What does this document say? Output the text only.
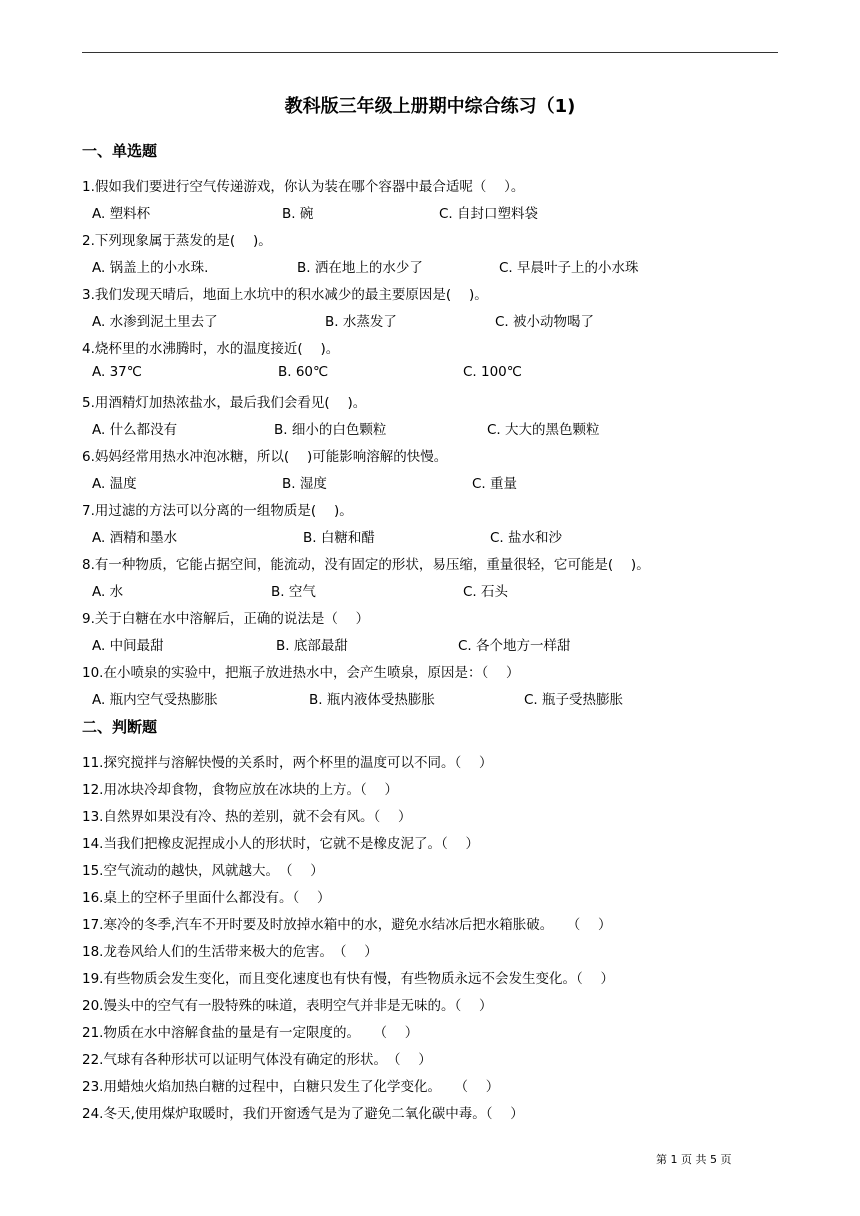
教科版三年级上册期中综合练习（1)
一、单选题
1.假如我们要进行空气传递游戏，你认为装在哪个容器中最合适呢（　 ）。
A. 塑料杯	B. 碗	C. 自封口塑料袋
2.下列现象属于蒸发的是(　 )。
A. 锅盖上的小水珠.	B. 洒在地上的水少了	C. 早晨叶子上的小水珠
3.我们发现天晴后，地面上水坑中的积水减少的最主要原因是(　 )。
A. 水渗到泥土里去了	B. 水蒸发了	C. 被小动物喝了
4.烧杯里的水沸腾时，水的温度接近(　 )。
A. 37℃	B. 60℃	C. 100℃
5.用酒精灯加热浓盐水，最后我们会看见(　 )。
A. 什么都没有	B. 细小的白色颗粒	C. 大大的黑色颗粒
6.妈妈经常用热水冲泡冰糖，所以(　 )可能影响溶解的快慢。
A. 温度	B. 湿度	C. 重量
7.用过滤的方法可以分离的一组物质是(　 )。
A. 酒精和墨水	B. 白糖和醋	C. 盐水和沙
8.有一种物质，它能占据空间，能流动，没有固定的形状，易压缩，重量很轻，它可能是(　 )。
A. 水	B. 空气	C. 石头
9.关于白糖在水中溶解后，正确的说法是（　 ）
A. 中间最甜	B. 底部最甜	C. 各个地方一样甜
10.在小喷泉的实验中，把瓶子放进热水中，会产生喷泉，原因是：（　 ）
A. 瓶内空气受热膨胀	B. 瓶内液体受热膨胀	C. 瓶子受热膨胀
二、判断题
11.探究搅拌与溶解快慢的关系时，两个杯里的温度可以不同。（　 ）
12.用冰块冷却食物，食物应放在冰块的上方。（　 ）
13.自然界如果没有冷、热的差别，就不会有风。（　 ）
14.当我们把橡皮泥捏成小人的形状时，它就不是橡皮泥了。（　 ）
15.空气流动的越快，风就越大。　（　 ）
16.桌上的空杯子里面什么都没有。（　 ）
17.寒冷的冬季,汽车不开时要及时放掉水箱中的水，避免水结冰后把水箱胀破。　　（　 ）
18.龙卷风给人们的生活带来极大的危害。　（　 ）
19.有些物质会发生变化，而且变化速度也有快有慢，有些物质永远不会发生变化。（　 ）
20.馒头中的空气有一股特殊的味道，表明空气并非是无味的。（　 ）
21.物质在水中溶解食盐的量是有一定限度的。　　（　 ）
22.气球有各种形状可以证明气体没有确定的形状。　（　 ）
23.用蜡烛火焰加热白糖的过程中，白糖只发生了化学变化。　　（　 ）
24.冬天,使用煤炉取暖时，我们开窗透气是为了避免二氧化碳中毒。（　 ）
第 1 页 共 5 页
